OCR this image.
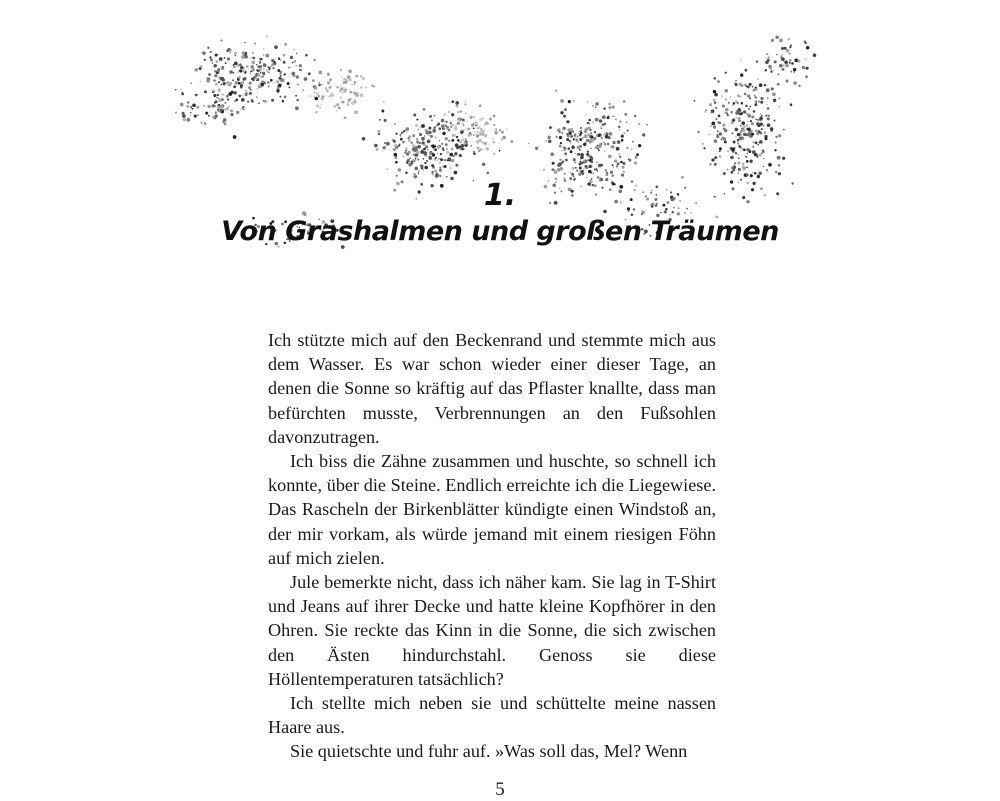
1.
Von Grashalmen und großen Träumen

Ich stützte mich auf den Beckenrand und stemmte mich aus dem Wasser. Es war schon wieder einer dieser Tage, an denen die Sonne so kräftig auf das Pflaster knallte, dass man befürchten musste, Verbrennungen an den Fußsohlen davonzutragen.

Ich biss die Zähne zusammen und huschte, so schnell ich konnte, über die Steine. Endlich erreichte ich die Liegewiese. Das Rascheln der Birkenblätter kündigte einen Windstoß an, der mir vorkam, als würde jemand mit einem riesigen Föhn auf mich zielen.

Jule bemerkte nicht, dass ich näher kam. Sie lag in T-Shirt und Jeans auf ihrer Decke und hatte kleine Kopfhörer in den Ohren. Sie reckte das Kinn in die Sonne, die sich zwischen den Ästen hindurchstahl. Genoss sie diese Höllentemperaturen tatsächlich?

Ich stellte mich neben sie und schüttelte meine nassen Haare aus.

Sie quietschte und fuhr auf. »Was soll das, Mel? Wenn

5
